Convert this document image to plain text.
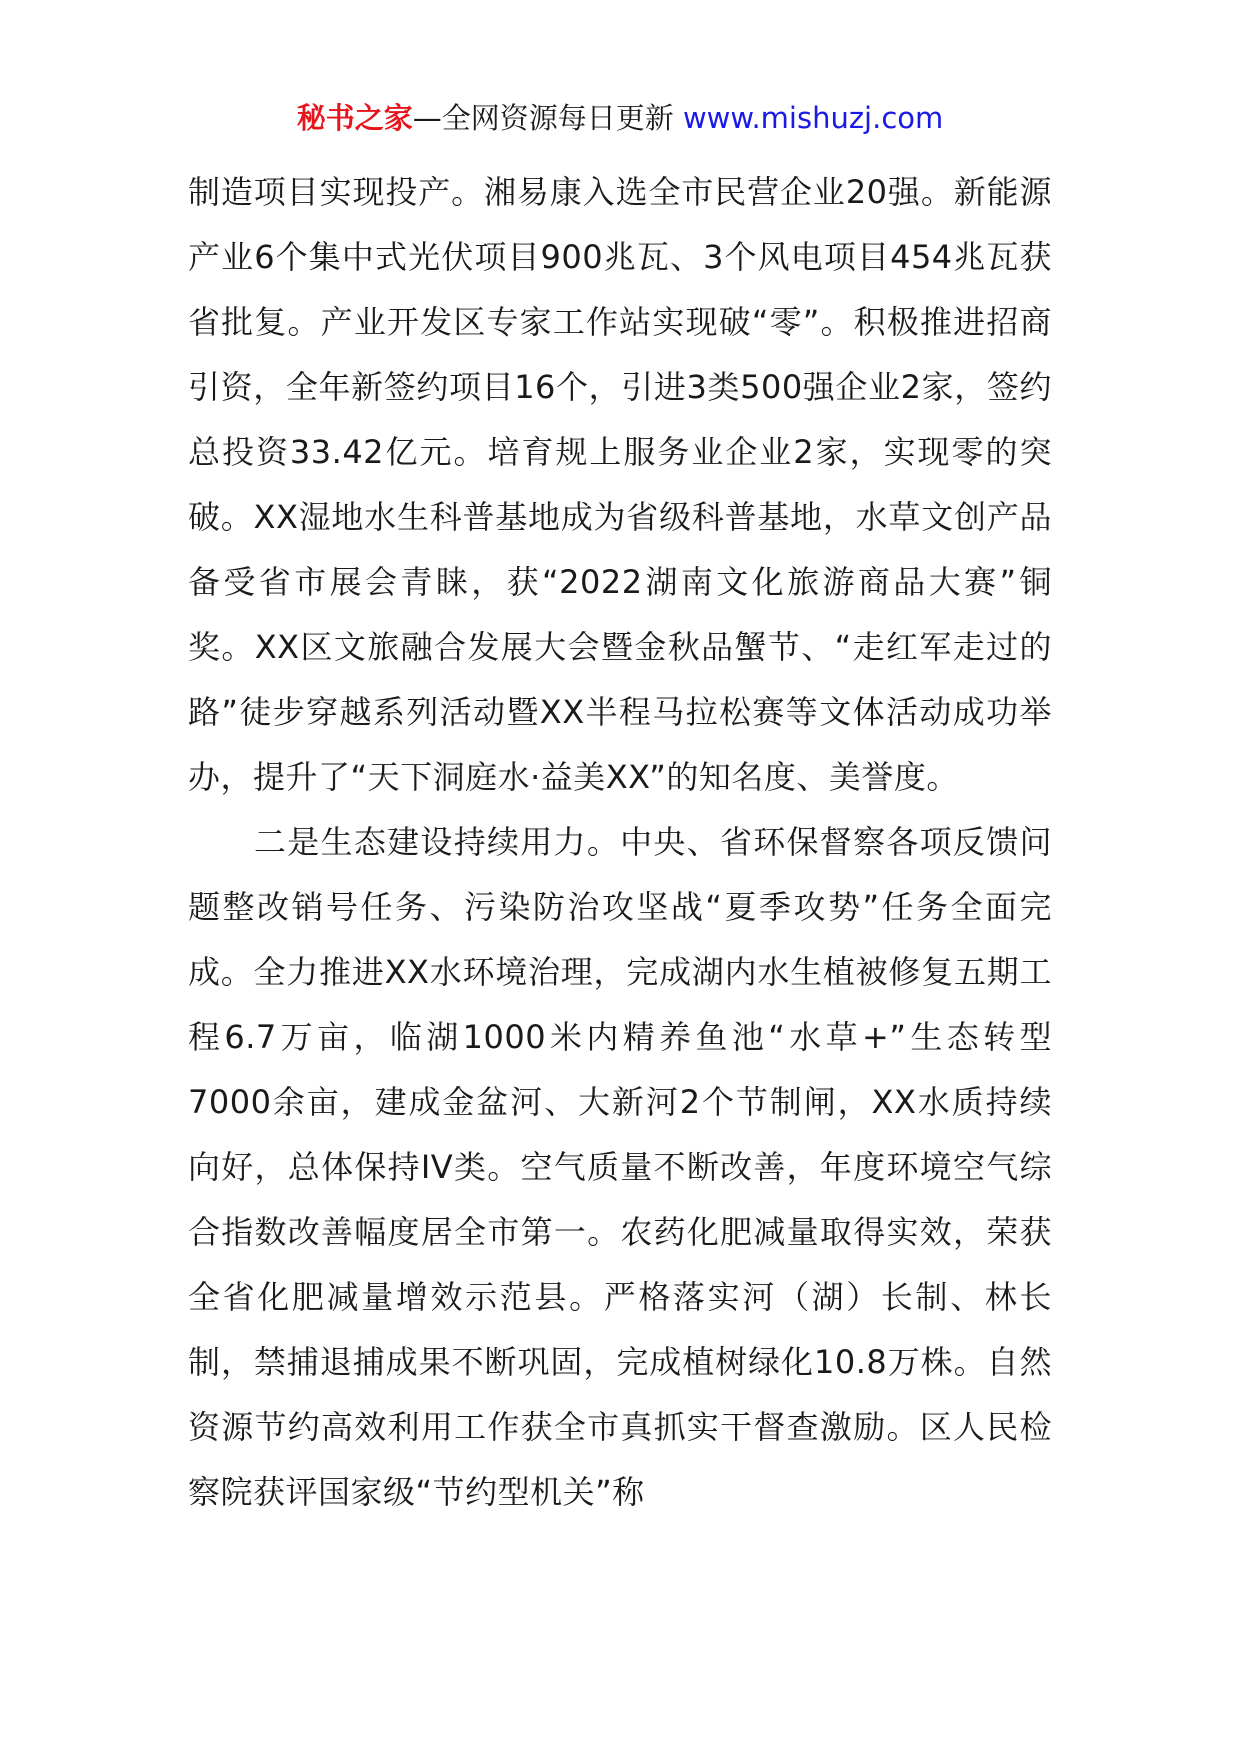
秘书之家—全网资源每日更新 www.mishuzj.com

制造项目实现投产。湘易康入选全市民营企业20强。新能源产业6个集中式光伏项目900兆瓦、3个风电项目454兆瓦获省批复。产业开发区专家工作站实现破“零”。积极推进招商引资，全年新签约项目16个，引进3类500强企业2家，签约总投资33.42亿元。培育规上服务业企业2家，实现零的突破。XX湿地水生科普基地成为省级科普基地，水草文创产品备受省市展会青睐，获“2022湖南文化旅游商品大赛”铜奖。XX区文旅融合发展大会暨金秋品蟹节、“走红军走过的路”徒步穿越系列活动暨XX半程马拉松赛等文体活动成功举办，提升了“天下洞庭水·益美XX”的知名度、美誉度。

二是生态建设持续用力。中央、省环保督察各项反馈问题整改销号任务、污染防治攻坚战“夏季攻势”任务全面完成。全力推进XX水环境治理，完成湖内水生植被修复五期工程6.7万亩，临湖1000米内精养鱼池“水草+”生态转型7000余亩，建成金盆河、大新河2个节制闸，XX水质持续向好，总体保持IV类。空气质量不断改善，年度环境空气综合指数改善幅度居全市第一。农药化肥减量取得实效，荣获全省化肥减量增效示范县。严格落实河（湖）长制、林长制，禁捕退捕成果不断巩固，完成植树绿化10.8万株。自然资源节约高效利用工作获全市真抓实干督查激励。区人民检察院获评国家级“节约型机关”称
